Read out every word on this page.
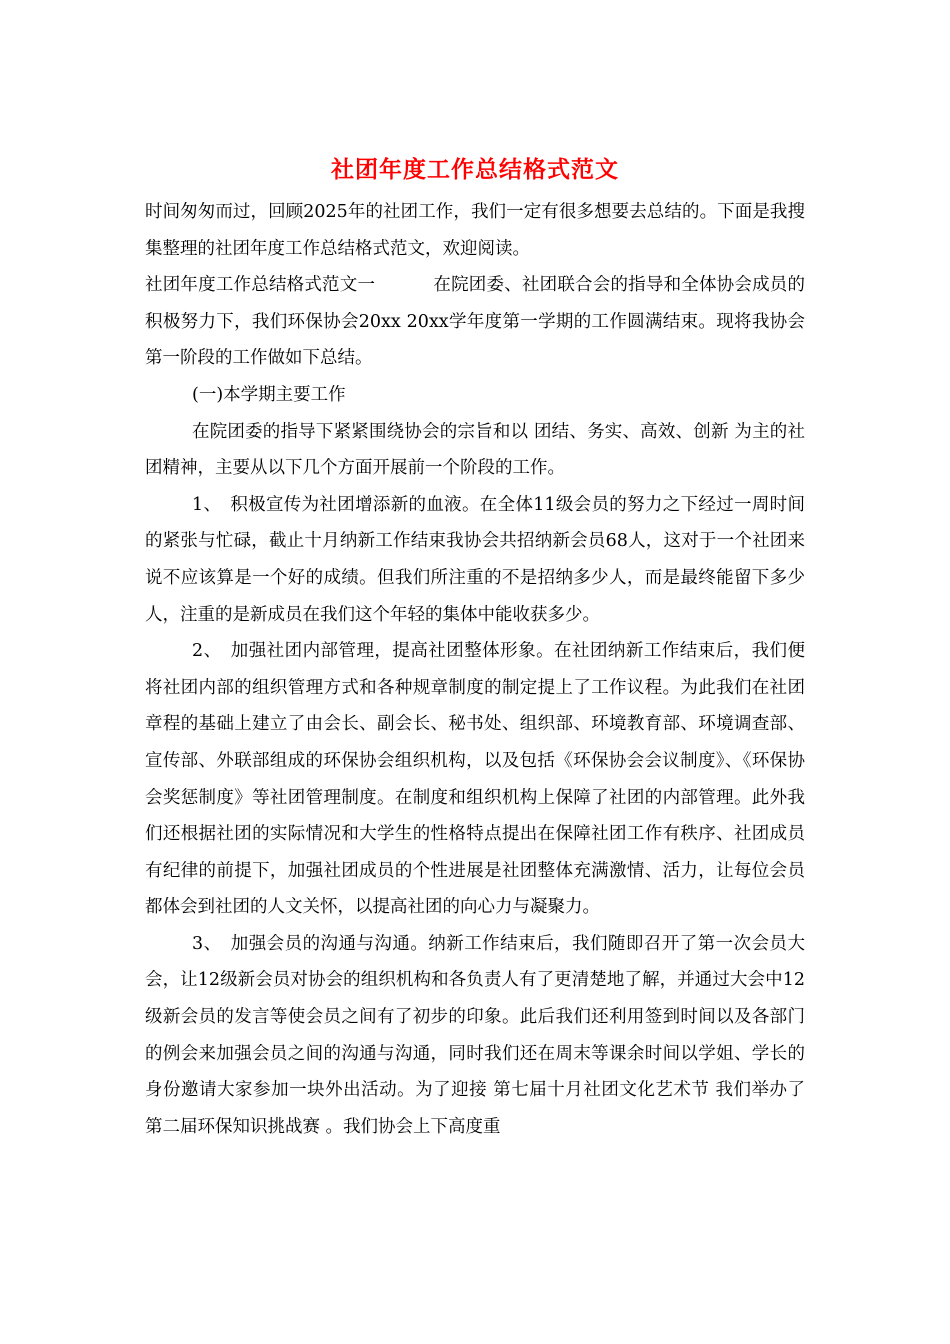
社团年度工作总结格式范文

时间匆匆而过，回顾2025年的社团工作，我们一定有很多想要去总结的。下面是我搜集整理的社团年度工作总结格式范文，欢迎阅读。

社团年度工作总结格式范文一	在院团委、社团联合会的指导和全体协会成员的积极努力下，我们环保协会20xx 20xx学年度第一学期的工作圆满结束。现将我协会第一阶段的工作做如下总结。

(一)本学期主要工作

在院团委的指导下紧紧围绕协会的宗旨和以 团结、务实、高效、创新 为主的社团精神，主要从以下几个方面开展前一个阶段的工作。

1、　积极宣传为社团增添新的血液。在全体11级会员的努力之下经过一周时间的紧张与忙碌，截止十月纳新工作结束我协会共招纳新会员68人，这对于一个社团来说不应该算是一个好的成绩。但我们所注重的不是招纳多少人，而是最终能留下多少人，注重的是新成员在我们这个年轻的集体中能收获多少。

2、　加强社团内部管理，提高社团整体形象。在社团纳新工作结束后，我们便将社团内部的组织管理方式和各种规章制度的制定提上了工作议程。为此我们在社团章程的基础上建立了由会长、副会长、秘书处、组织部、环境教育部、环境调查部、宣传部、外联部组成的环保协会组织机构，以及包括《环保协会会议制度》、《环保协会奖惩制度》等社团管理制度。在制度和组织机构上保障了社团的内部管理。此外我们还根据社团的实际情况和大学生的性格特点提出在保障社团工作有秩序、社团成员有纪律的前提下，加强社团成员的个性进展是社团整体充满激情、活力，让每位会员都体会到社团的人文关怀，以提高社团的向心力与凝聚力。

3、　加强会员的沟通与沟通。纳新工作结束后，我们随即召开了第一次会员大会，让12级新会员对协会的组织机构和各负责人有了更清楚地了解，并通过大会中12级新会员的发言等使会员之间有了初步的印象。此后我们还利用签到时间以及各部门的例会来加强会员之间的沟通与沟通，同时我们还在周末等课余时间以学姐、学长的身份邀请大家参加一块外出活动。为了迎接 第七届十月社团文化艺术节 我们举办了 第二届环保知识挑战赛 。我们协会上下高度重
